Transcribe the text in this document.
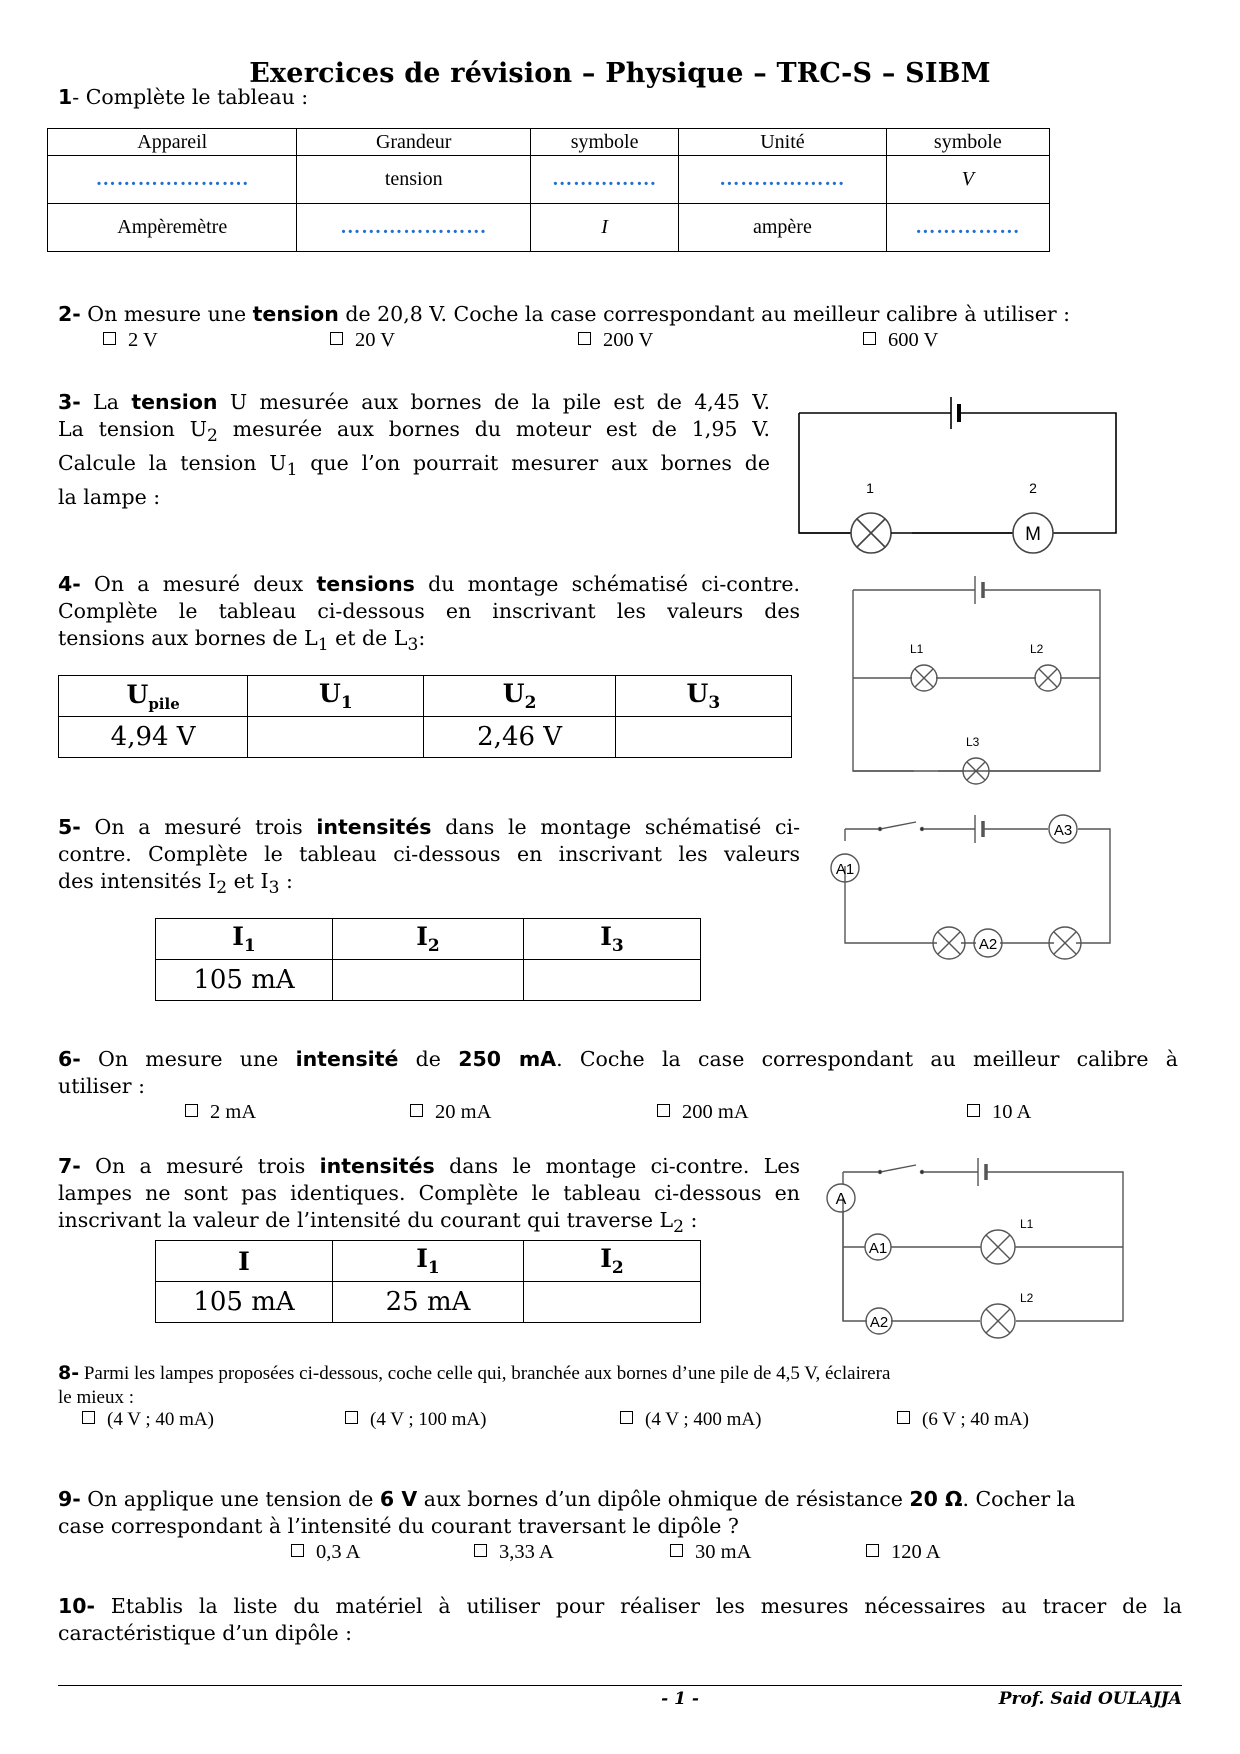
Exercices de révision – Physique – TRC-S – SIBM
1- Complète le tableau :
Appareil	Grandeur	symbole	Unité	symbole
………………….	tension	……………	………………	V
Ampèremètre	…………………	I	ampère	……………
2- On mesure une tension de 20,8 V. Coche la case correspondant au meilleur calibre à utiliser :
2 V	20 V	200 V	600 V
3- La tension U mesurée aux bornes de la pile est de 4,45 V.
La tension $U_2$ mesurée aux bornes du moteur est de 1,95 V.
Calcule la tension $U_1$ que l’on pourrait mesurer aux bornes de
la lampe :	1	2
M
4- On a mesuré deux tensions du montage schématisé ci-contre.
Complète le tableau ci-dessous en inscrivant les valeurs des
tensions aux bornes de $L_1$ et de $L_3$:
$U_{pile}$	$U_1$	$U_2$	$U_3$
4,94 V		2,46 V	
L1	L2
L3
5- On a mesuré trois intensités dans le montage schématisé ci-
contre. Complète le tableau ci-dessous en inscrivant les valeurs
des intensités $I_2$ et $I_3$ :
$I_1$	$I_2$	$I_3$
105 mA		
A3
A1
A2
6- On mesure une intensité de 250 mA. Coche la case correspondant au meilleur calibre à
utiliser :
2 mA	20 mA	200 mA	10 A
7- On a mesuré trois intensités dans le montage ci-contre. Les
lampes ne sont pas identiques. Complète le tableau ci-dessous en
inscrivant la valeur de l’intensité du courant qui traverse $L_2$ :
I	$I_1$	$I_2$
105 mA	25 mA	
A
A1
A2
L1
L2
8- Parmi les lampes proposées ci-dessous, coche celle qui, branchée aux bornes d’une pile de 4,5 V, éclairera
le mieux :
(4 V ; 40 mA)	(4 V ; 100 mA)	(4 V ; 400 mA)	(6 V ; 40 mA)
9- On applique une tension de 6 V aux bornes d’un dipôle ohmique de résistance 20 Ω. Cocher la
case correspondant à l’intensité du courant traversant le dipôle ?
0,3 A	3,33 A	30 mA	120 A
10- Etablis la liste du matériel à utiliser pour réaliser les mesures nécessaires au tracer de la
caractéristique d’un dipôle :
- 1 -	Prof. Said OULAJJA
